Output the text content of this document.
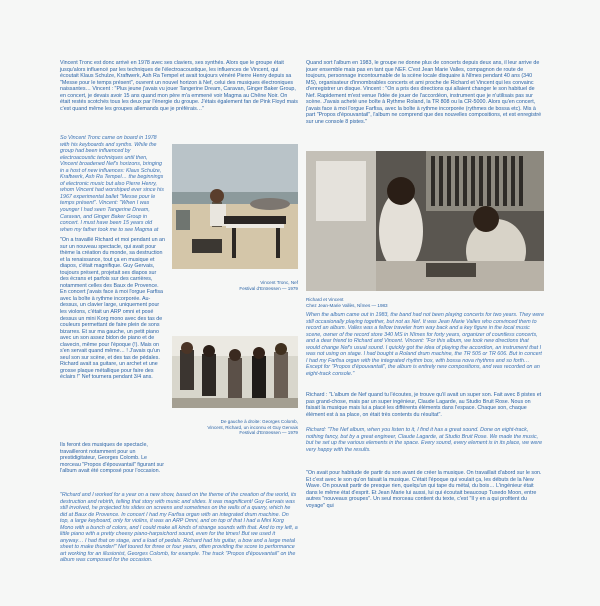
Vincent Tronc est donc arrivé en 1978 avec ses claviers, ses synthés. Alors que le groupe était jusqu'alors influencé par les techniques de l'électroacoustique, les influences de Vincent, qui écoutait Klaus Schulze, Kraftwerk, Ash Ra Tempel et avait toujours vénéré Pierre Henry depuis sa "Messe pour le temps présent", ouvrent un nouvel horizon à Nef, celui des musiques électroniques naissantes… Vincent : "Plus jeune j'avais vu jouer Tangerine Dream, Caravan, Ginger Baker Group, en concert, je devais avoir 15 ans quand mon père m'a emmené voir Magma au Chêne Noir. On était restés scotchés tous les deux par l'énergie du groupe. J'étais également fan de Pink Floyd mais c'est quand même les groupes allemands que je préférais…"

So Vincent Tronc came on board in 1978 with his keyboards and synths. While the group had been influenced by electroacoustic techniques until then, Vincent broadened Nef's horizons, bringing in a host of new influences: Klaus Schulze, Kraftwerk, Ash Ra Tempel… the beginnings of electronic music but also Pierre Henry, whom Vincent had worshiped ever since his 1967 experimental ballet "Messe pour le temps présent". Vincent: "When I was younger I had seen Tangerine Dream, Caravan, and Ginger Baker Group in concert. I must have been 15 years old when my father took me to see Magma at
Vincent Tronc, Nef
Festival d'Entressen — 1979
"On a travaillé Richard et moi pendant un an sur un nouveau spectacle, qui avait pour thème la création du monde, sa destruction et la renaissance, tout ça en musique et diapos, c'était magnifique. Guy Gervais, toujours présent, projetait ses diapos sur des écrans et parfois sur des carrières, notamment celles des Baux de Provence. En concert j'avais face à moi l'orgue Farfisa avec la boîte à rythme incorporée. Au-dessus, un clavier large, uniquement pour les violons, c'était un ARP omni et posé dessus un mini Korg mono avec des tas de couleurs permettant de faire plein de sons bizarres. Et sur ma gauche, un petit piano avec un son assez bidon de piano et de clavecin, même pour l'époque (!). Mais on s'en servait quand même… ! J'avais qu'un seul son sur scène, et des tas de pédales. Richard avait sa guitare, un archet et une grosse plaque métallique pour faire des éclairs !" Nef tournera pendant 3/4 ans.
Ils feront des musiques de spectacle, travailleront notamment pour un prestidigitateur, Georges Colomb. Le morceau "Propos d'épouvantail" figurant sur l'album avait été composé pour l'occasion.
De gauche à droite: Georges Colomb,
Vincent, Richard, un inconnu et Guy Gervais
Festival d'Entressen — 1979
"Richard and I worked for a year on a new show, based on the theme of the creation of the world, its destruction and rebirth, telling that story with music and slides. It was magnificent! Guy Gervais was still involved, he projected his slides on screens and sometimes on the walls of a quarry, which he did at Baux de Provence. In concert I had my Farfisa organ with an integrated drum machine. On top, a large keyboard, only for violins, it was an ARP Omni, and on top of that I had a Mini Korg Mono with a bunch of colors, and I could make all kinds of strange sounds with that. And to my left, a little piano with a pretty cheesy piano-harpsichord sound, even for the times! But we used it anyway… I had that on stage, and a load of pedals. Richard had his guitar, a bow and a large metal sheet to make thunder!" Nef toured for three or four years, often providing the score to performance art working for an illusionist, Georges Colomb, for example. The track "Propos d'épouvantail" on the album was composed for the occasion.
Quand sort l'album en 1983, le groupe ne donne plus de concerts depuis deux ans, il leur arrive de jouer ensemble mais pas en tant que NEF. C'est Jean Marie Valles, compagnon de route de toujours, personnage incontournable de la scène locale disquaire à Nîmes pendant 40 ans (340 MS), organisateur d'innombrables concerts et ami proche de Richard et Vincent qui les convainc d'enregistrer un disque. Vincent : "On a pris des directions qui allaient changer le son habituel de Nef. Rapidement m'est venue l'idée de jouer de l'accordéon, instrument que je n'utilisais pas sur scène. J'avais acheté une boîte à Rythme Roland, la TR 808 ou la CR-5000. Alors qu'en concert, j'avais face à moi l'orgue Farfisa, avec la boîte à rythme incorporée (rythmes de bossa etc). Mis à part "Propos d'épouvantail", l'album ne comprend que des nouvelles compositions, et est enregistré sur une console 8 pistes."
Richard et Vincent
Chez Jean-Marie Vallès, Nîmes — 1983
When the album came out in 1983, the band had not been playing concerts for two years. They were still occasionally playing together, but not as Nef. It was Jean Marie Valles who convinced them to record an album. Valles was a fellow traveler from way back and a key figure in the local music scene, owner of the record store 340 MS in Nîmes for forty years, organizer of countless concerts, and a dear friend to Richard and Vincent. Vincent: "For this album, we took new directions that would change Nef's usual sound. I quickly got the idea of playing the accordion, an instrument that I was not using on stage. I had bought a Roland drum machine, the TR 505 or TR 606. But in concert I had my Farfisa organ with the integrated rhythm box, with bossa nova rhythms and so forth… Except for "Propos d'épouvantail", the album is entirely new compositions, and was recorded on an eight-track console."
Richard : "L'album de Nef quand tu l'écoutes, je trouve qu'il avait un super son. Fait avec 8 pistes et pas grand-chose, mais par un super ingénieur, Claude Lagarde, au Studio Bruit Rose. Nous on faisait la musique mais lui a placé les différents éléments dans l'espace. Chaque son, chaque élément est à sa place, on était très contents du résultat".
Richard: "The Nef album, when you listen to it, I find it has a great sound. Done on eight-track, nothing fancy, but by a great engineer, Claude Lagarde, at Studio Bruit Rose. We made the music, but he set up the various elements in the space. Every sound, every element is in its place, we were very happy with the results.
"On avait pour habitude de partir du son avant de créer la musique. On travaillait d'abord sur le son. Et c'est avec le son qu'on faisait la musique. C'était l'époque qui voulait ça, les débuts de la New Wave. On pouvait partir de presque rien, quelqu'un qui tape du métal, du bois… L'ingénieur était dans le même état d'esprit. Et Jean Marie lui aussi, lui qui écoutait beaucoup Tuxedo Moon, entre autres "nouveaux groupes". Un seul morceau contient du texte, c'est "Il y en a qui profitent du voyage" qui
